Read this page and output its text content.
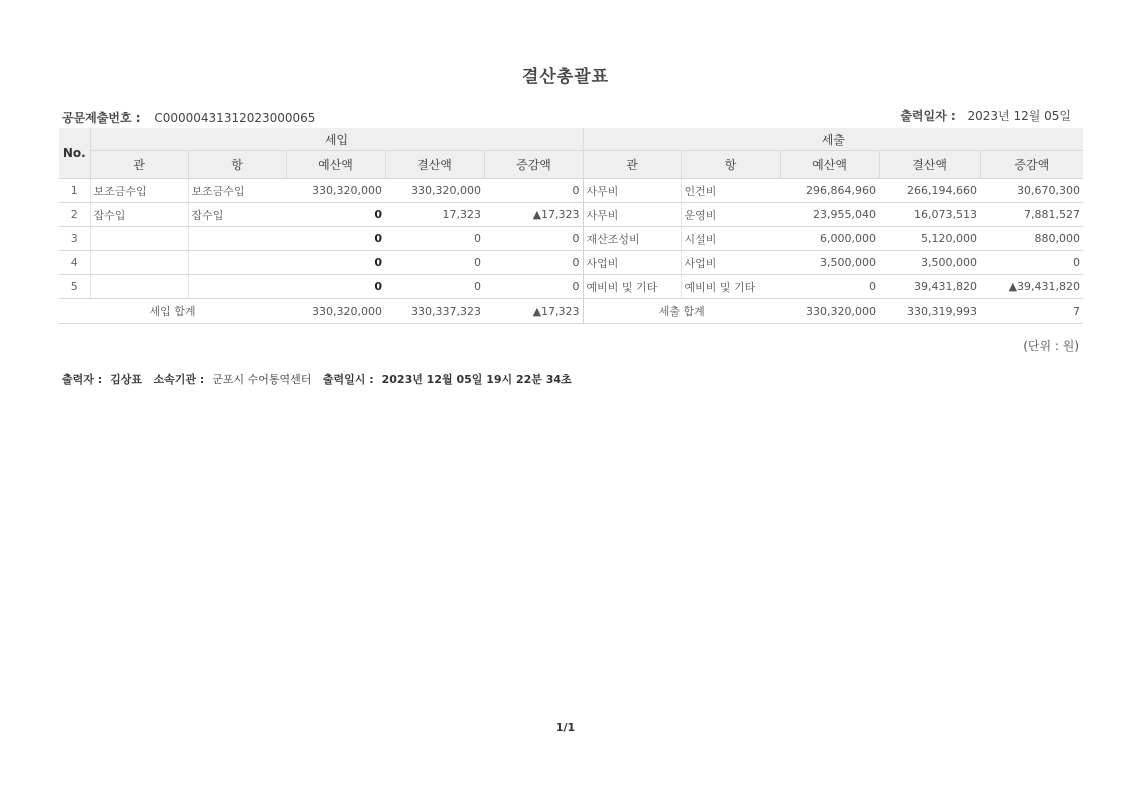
결산총괄표
공문제출번호 : C00000431312023000065	출력일자 : 2023년 12월 05일
No.	세입					세출				
	관	항	예산액	결산액	증감액	관	항	예산액	결산액	증감액
1	보조금수입	보조금수입	330,320,000	330,320,000	0	사무비	인건비	296,864,960	266,194,660	30,670,300
2	잡수입	잡수입	0	17,323	▲17,323	사무비	운영비	23,955,040	16,073,513	7,881,527
3			0	0	0	재산조성비	시설비	6,000,000	5,120,000	880,000
4			0	0	0	사업비	사업비	3,500,000	3,500,000	0
5			0	0	0	예비비 및 기타	예비비 및 기타	0	39,431,820	▲39,431,820
세입 합계			330,320,000	330,337,323	▲17,323	세출 합계		330,320,000	330,319,993	7
(단위 : 원)
출력자 : 김상표 소속기관 : 군포시 수어통역센터 출력일시 : 2023년 12월 05일 19시 22분 34초
1/1
